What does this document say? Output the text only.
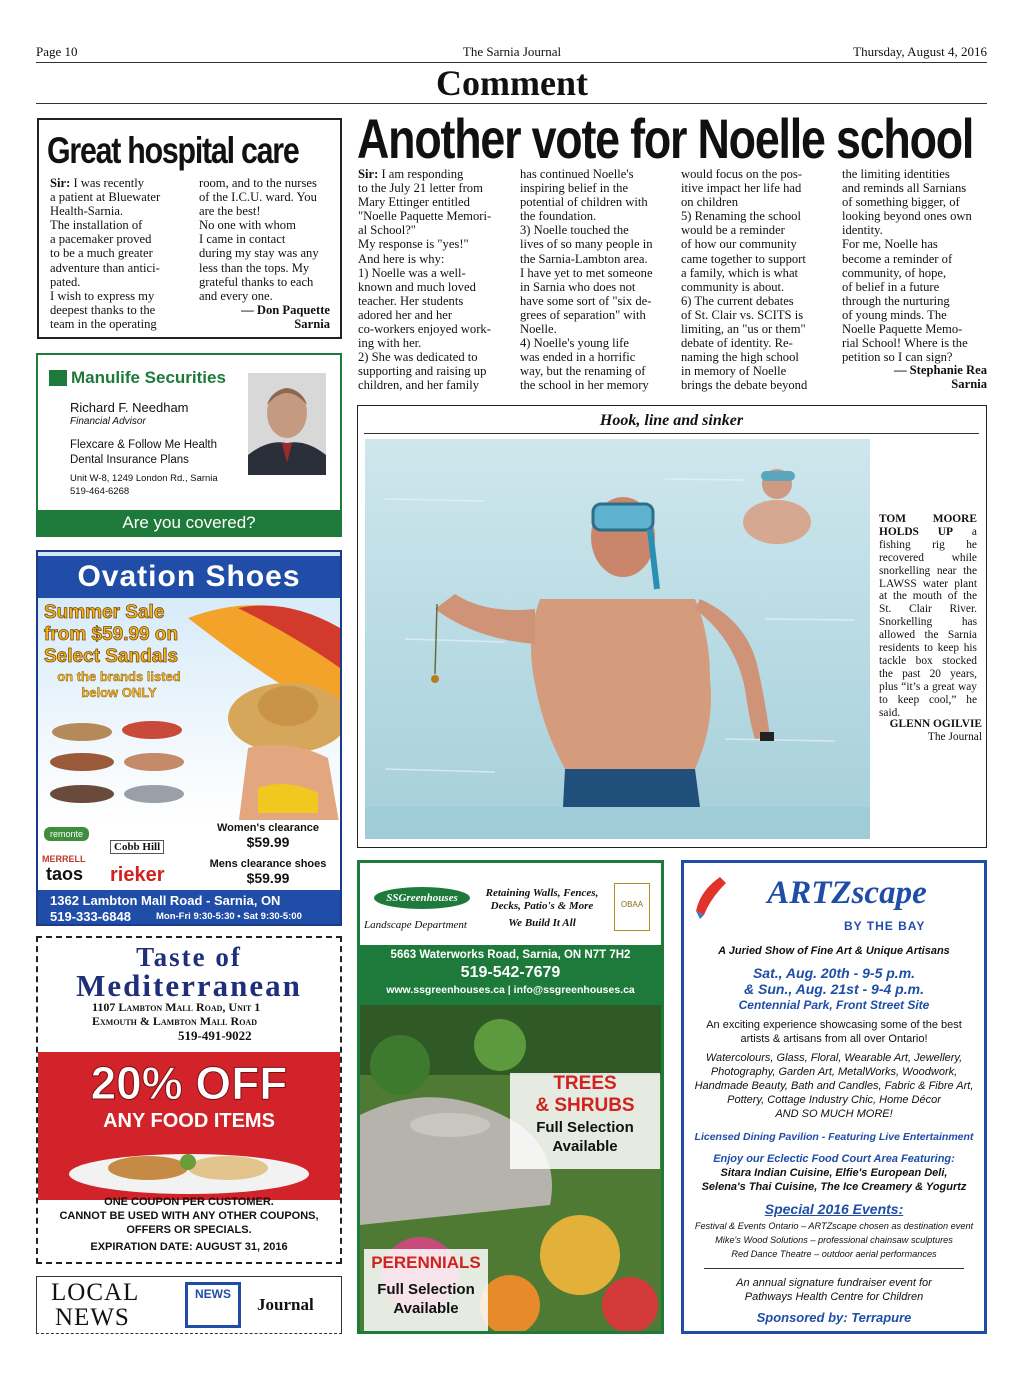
Page 10	The Sarnia Journal	Thursday, August 4, 2016
Comment
Great hospital care
Sir: I was recently
a patient at Bluewater
Health-Sarnia.
The installation of
a pacemaker proved
to be a much greater
adventure than antici-
pated.
I wish to express my
deepest thanks to the
team in the operating
room, and to the nurses
of the I.C.U. ward. You
are the best!
No one with whom
I came in contact
during my stay was any
less than the tops. My
grateful thanks to each
and every one.
— Don Paquette
Sarnia
Another vote for Noelle school
Sir: I am responding
to the July 21 letter from
Mary Ettinger entitled
"Noelle Paquette Memori-
al School?"
My response is "yes!"
And here is why:
1) Noelle was a well-
known and much loved
teacher. Her students
adored her and her
co-workers enjoyed work-
ing with her.
2) She was dedicated to
supporting and raising up
children, and her family
has continued Noelle's
inspiring belief in the
potential of children with
the foundation.
3) Noelle touched the
lives of so many people in
the Sarnia-Lambton area.
I have yet to met someone
in Sarnia who does not
have some sort of "six de-
grees of separation" with
Noelle.
4) Noelle's young life
was ended in a horrific
way, but the renaming of
the school in her memory
would focus on the pos-
itive impact her life had
on children
5) Renaming the school
would be a reminder
of how our community
came together to support
a family, which is what
community is about.
6) The current debates
of St. Clair vs. SCITS is
limiting, an "us or them"
debate of identity. Re-
naming the high school
in memory of Noelle
brings the debate beyond
the limiting identities
and reminds all Sarnians
of something bigger, of
looking beyond ones own
identity.
For me, Noelle has
become a reminder of
community, of hope,
of belief in a future
through the nurturing
of young minds. The
Noelle Paquette Memo-
rial School! Where is the
petition so I can sign?
— Stephanie Rea
Sarnia
Hook, line and sinker
TOM MOORE HOLDS UP a fishing rig he recovered while snorkelling near the LAWSS water plant at the mouth of the St. Clair River. Snorkelling has allowed the Sarnia residents to keep his tackle box stocked the past 20 years, plus “it’s a great way to keep cool,” he said.
GLENN OGILVIE
The Journal
Manulife Securities
Richard F. Needham
Financial Advisor
Flexcare & Follow Me Health
Dental Insurance Plans
Unit W-8, 1249 London Rd., Sarnia
519-464-6268
Are you covered?
Ovation Shoes
Summer Sale
from $59.99 on
Select Sandals
on the brands listed
below ONLY
remonte
Cobb Hill
MERRELL
taos rieker
Women's clearance
$59.99
Mens clearance shoes
$59.99
1362 Lambton Mall Road - Sarnia, ON
519-333-6848	Mon-Fri 9:30-5:30 • Sat 9:30-5:00
Taste of
Mediterranean
1107 Lambton Mall Road, Unit 1
Exmouth & Lambton Mall Road
519-491-9022
20% OFF
ANY FOOD ITEMS
ONE COUPON PER CUSTOMER.
CANNOT BE USED WITH ANY OTHER COUPONS,
OFFERS OR SPECIALS.
EXPIRATION DATE: AUGUST 31, 2016
LOCAL
NEWS
NEWS
Journal
SSGreenhouses
Landscape Department
Retaining Walls, Fences,
Decks, Patio's & More
We Build It All
OBAA
5663 Waterworks Road, Sarnia, ON N7T 7H2
519-542-7679
www.ssgreenhouses.ca | info@ssgreenhouses.ca
TREES
& SHRUBS
Full Selection
Available
PERENNIALS
Full Selection
Available
ARTZscape
BY THE BAY
A Juried Show of Fine Art & Unique Artisans
Sat., Aug. 20th - 9-5 p.m.
& Sun., Aug. 21st - 9-4 p.m.
Centennial Park, Front Street Site
An exciting experience showcasing some of the best artists & artisans from all over Ontario!
Watercolours, Glass, Floral, Wearable Art, Jewellery, Photography, Garden Art, MetalWorks, Woodwork, Handmade Beauty, Bath and Candles, Fabric & Fibre Art, Pottery, Cottage Industry Chic, Home Décor
AND SO MUCH MORE!
Licensed Dining Pavilion - Featuring Live Entertainment
Enjoy our Eclectic Food Court Area Featuring:
Sitara Indian Cuisine, Elfie's European Deli,
Selena's Thai Cuisine, The Ice Creamery & Yogurtz
Special 2016 Events:
Festival & Events Ontario – ARTZscape chosen as destination event
Mike's Wood Solutions – professional chainsaw sculptures
Red Dance Theatre – outdoor aerial performances
An annual signature fundraiser event for
Pathways Health Centre for Children
Sponsored by: Terrapure
